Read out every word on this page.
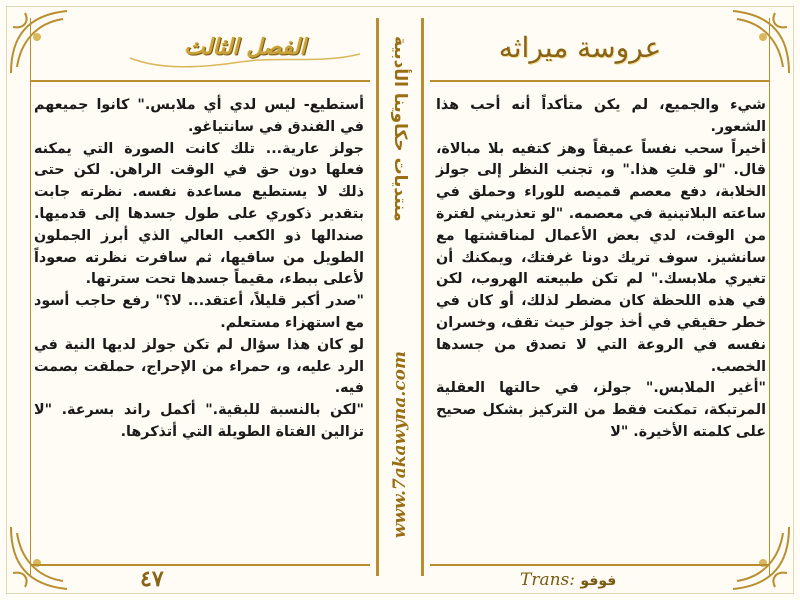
الفصل الثالث	عروسة ميراثه

أستطيع- ليس لدي أي ملابس." كانوا جميعهم في الفندق في سانتياغو.

جولز عارية... تلك كانت الصورة التي يمكنه فعلها دون حق في الوقت الراهن. لكن حتى ذلك لا يستطيع مساعدة نفسه. نظرته جابت بتقدير ذكوري على طول جسدها إلى قدميها. صندالها ذو الكعب العالي الذي أبرز الجملون الطويل من ساقيها، ثم سافرت نظرته صعوداً لأعلى ببطء، مقيماً جسدها تحت سترتها.

"صدر أكبر قليلاً، أعتقد... لا؟" رفع حاجب أسود مع استهزاء مستعلم.

لو كان هذا سؤال لم تكن جولز لديها النية في الرد عليه، و، حمراء من الإحراج، حملقت بصمت فيه.

"لكن بالنسبة للبقية." أكمل راند بسرعة. "لا تزالين الفتاة الطويلة التي أتذكرها.

شيء والجميع، لم يكن متأكداً أنه أحب هذا الشعور.

أخيراً سحب نفساً عميقاً وهز كتفيه بلا مبالاة، قال. "لو قلتِ هذا." و، تجنب النظر إلى جولز الخلابة، دفع معصم قميصه للوراء وحملق في ساعته البلاتينية في معصمه. "لو تعذريني لفترة من الوقت، لدي بعض الأعمال لمناقشتها مع سانشيز. سوف تريك دونا غرفتك، ويمكنك أن تغيري ملابسك." لم تكن طبيعته الهروب، لكن في هذه اللحظة كان مضطر لذلك، أو كان في خطر حقيقي في أخذ جولز حيث تقف، وخسران نفسه في الروعة التي لا تصدق من جسدها الخصب.

"أغير الملابس." جولز، في حالتها العقلية المرتبكة، تمكنت فقط من التركيز بشكل صحيح على كلمته الأخيرة. "لا

منتديات حكاوينا الأدبية
www.7akawyna.com
٤٧	Trans: فوفو
